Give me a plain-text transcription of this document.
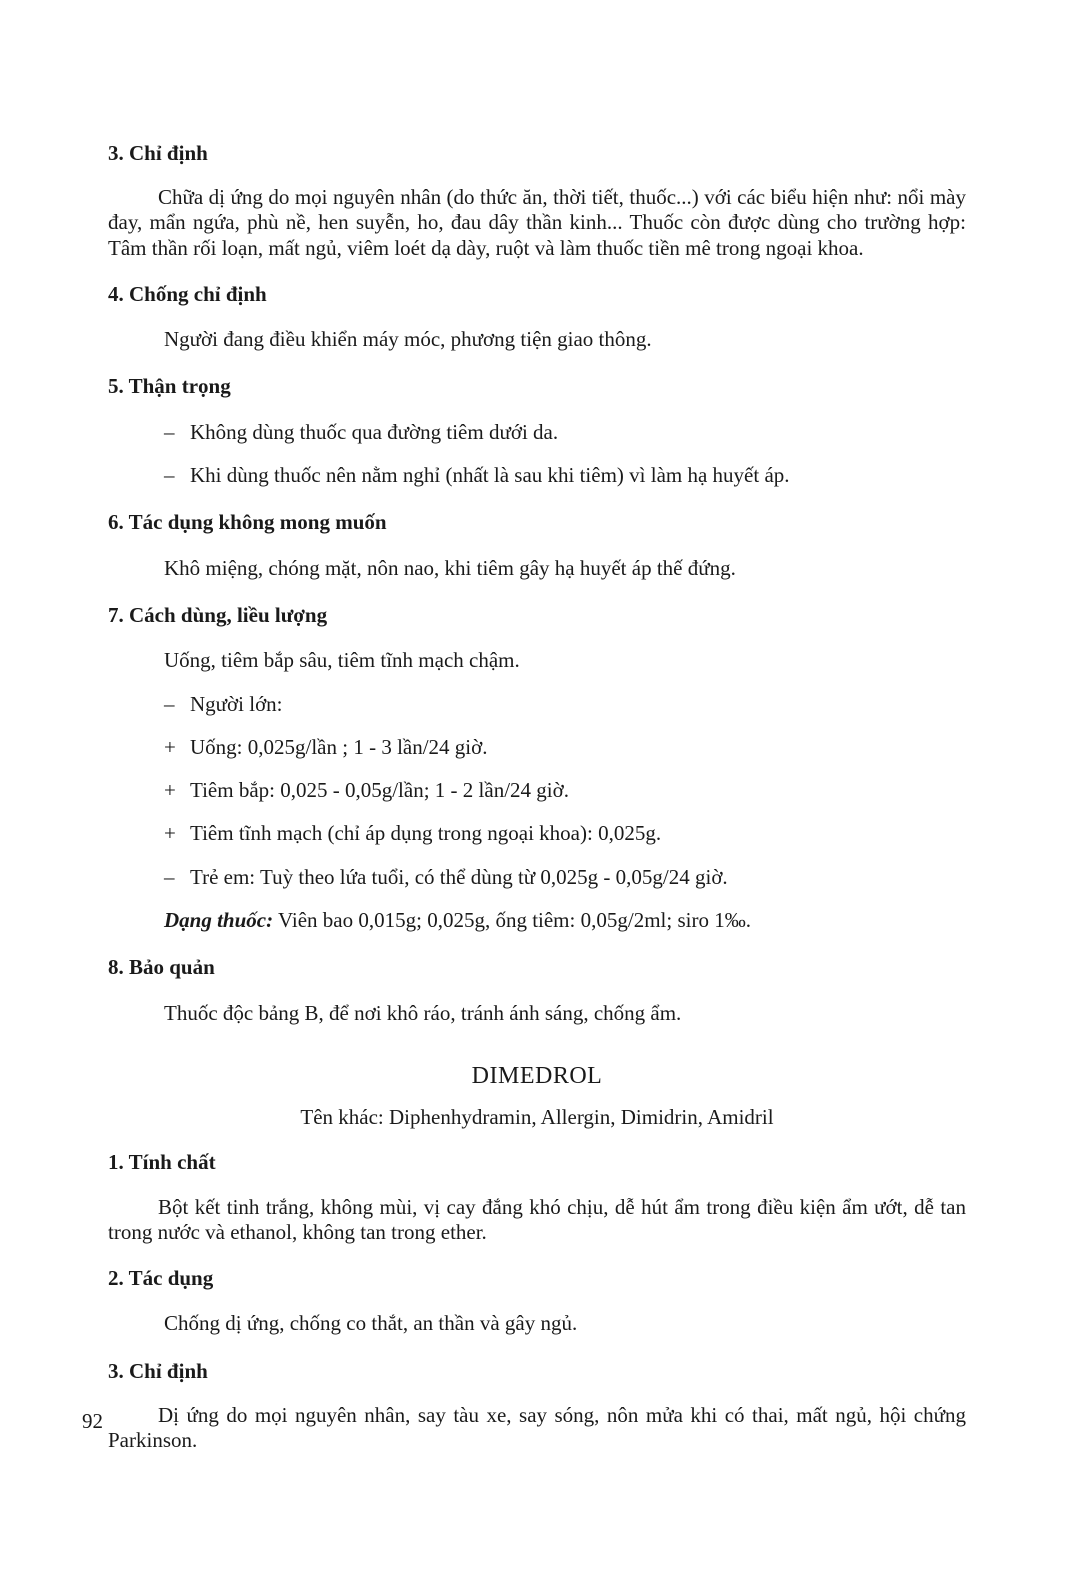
3. Chỉ định

Chữa dị ứng do mọi nguyên nhân (do thức ăn, thời tiết, thuốc...) với các biểu hiện như: nổi mày đay, mẩn ngứa, phù nề, hen suyễn, ho, đau dây thần kinh... Thuốc còn được dùng cho trường hợp: Tâm thần rối loạn, mất ngủ, viêm loét dạ dày, ruột và làm thuốc tiền mê trong ngoại khoa.

4. Chống chỉ định

Người đang điều khiển máy móc, phương tiện giao thông.

5. Thận trọng

– Không dùng thuốc qua đường tiêm dưới da.

– Khi dùng thuốc nên nằm nghỉ (nhất là sau khi tiêm) vì làm hạ huyết áp.

6. Tác dụng không mong muốn

Khô miệng, chóng mặt, nôn nao, khi tiêm gây hạ huyết áp thế đứng.

7. Cách dùng, liều lượng

Uống, tiêm bắp sâu, tiêm tĩnh mạch chậm.

– Người lớn:

+ Uống: 0,025g/lần ; 1 - 3 lần/24 giờ.

+ Tiêm bắp: 0,025 - 0,05g/lần; 1 - 2 lần/24 giờ.

+ Tiêm tĩnh mạch (chỉ áp dụng trong ngoại khoa): 0,025g.

– Trẻ em: Tuỳ theo lứa tuổi, có thể dùng từ 0,025g - 0,05g/24 giờ.

Dạng thuốc: Viên bao 0,015g; 0,025g, ống tiêm: 0,05g/2ml; siro 1‰.

8. Bảo quản

Thuốc độc bảng B, để nơi khô ráo, tránh ánh sáng, chống ẩm.

DIMEDROL
Tên khác: Diphenhydramin, Allergin, Dimidrin, Amidril
1. Tính chất

Bột kết tinh trắng, không mùi, vị cay đắng khó chịu, dễ hút ẩm trong điều kiện ẩm ướt, dễ tan trong nước và ethanol, không tan trong ether.

2. Tác dụng

Chống dị ứng, chống co thắt, an thần và gây ngủ.

3. Chỉ định

Dị ứng do mọi nguyên nhân, say tàu xe, say sóng, nôn mửa khi có thai, mất ngủ, hội chứng Parkinson.

92
